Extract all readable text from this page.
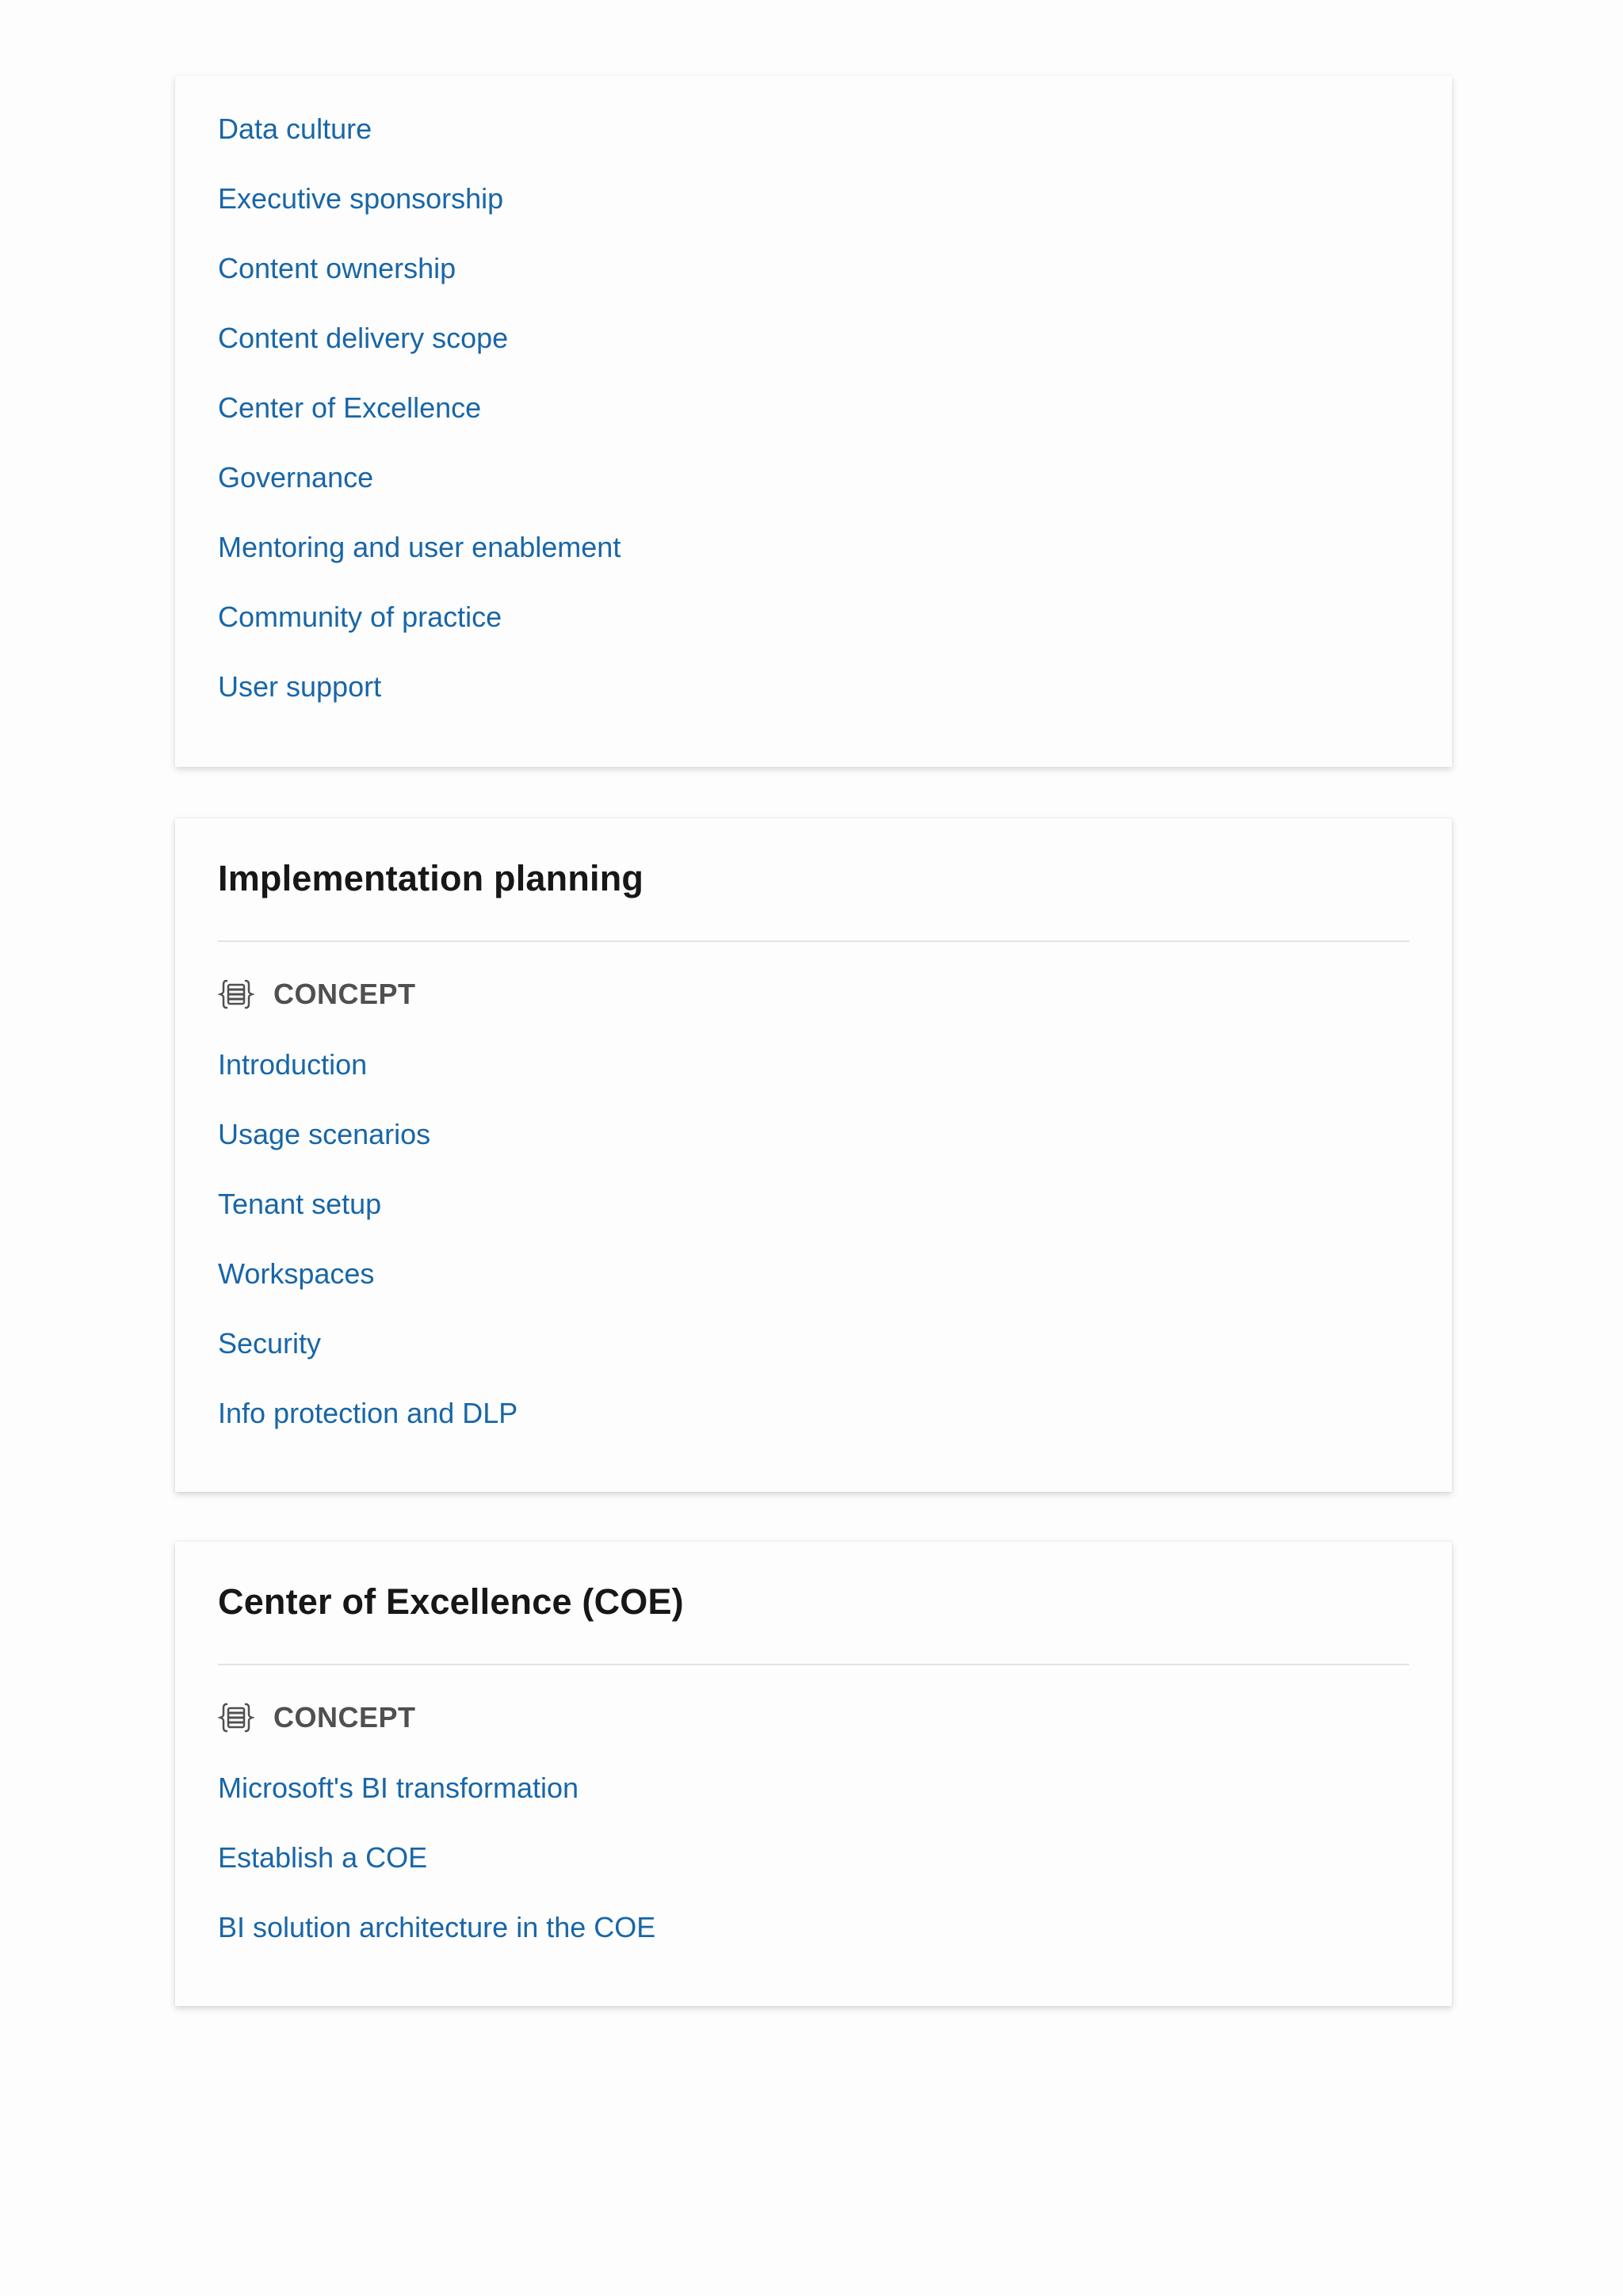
Data culture
Executive sponsorship
Content ownership
Content delivery scope
Center of Excellence
Governance
Mentoring and user enablement
Community of practice
User support
Implementation planning
CONCEPT
Introduction
Usage scenarios
Tenant setup
Workspaces
Security
Info protection and DLP
Center of Excellence (COE)
CONCEPT
Microsoft's BI transformation
Establish a COE
BI solution architecture in the COE
